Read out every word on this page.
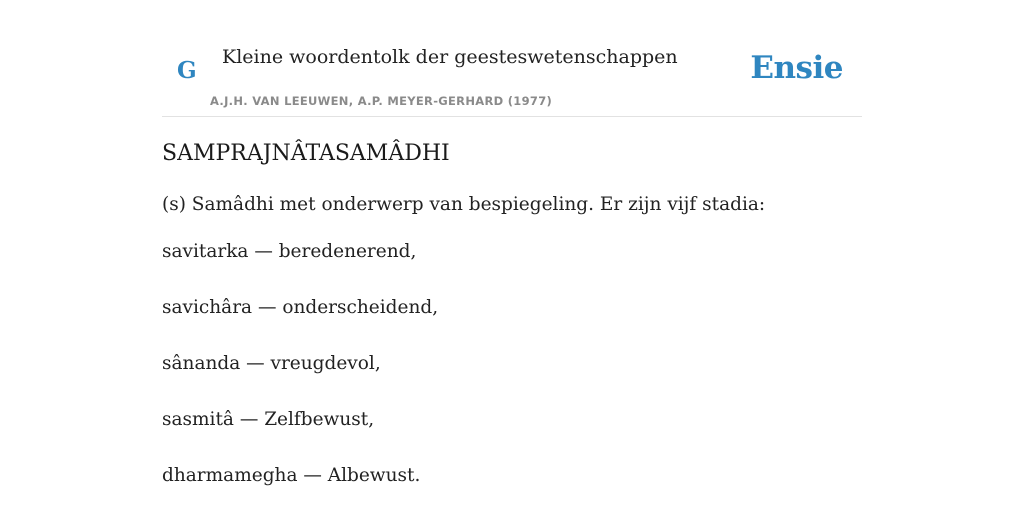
G Kleine woordentolk der geesteswetenschappen
A.J.H. VAN LEEUWEN, A.P. MEYER-GERHARD (1977)
Ensie
SAMPRAJNÂTASAMÂDHI
(s) Samâdhi met onderwerp van bespiegeling. Er zijn vijf stadia:
savitarka — beredenerend,
savichâra — onderscheidend,
sânanda — vreugdevol,
sasmitâ — Zelfbewust,
dharmamegha — Albewust.
